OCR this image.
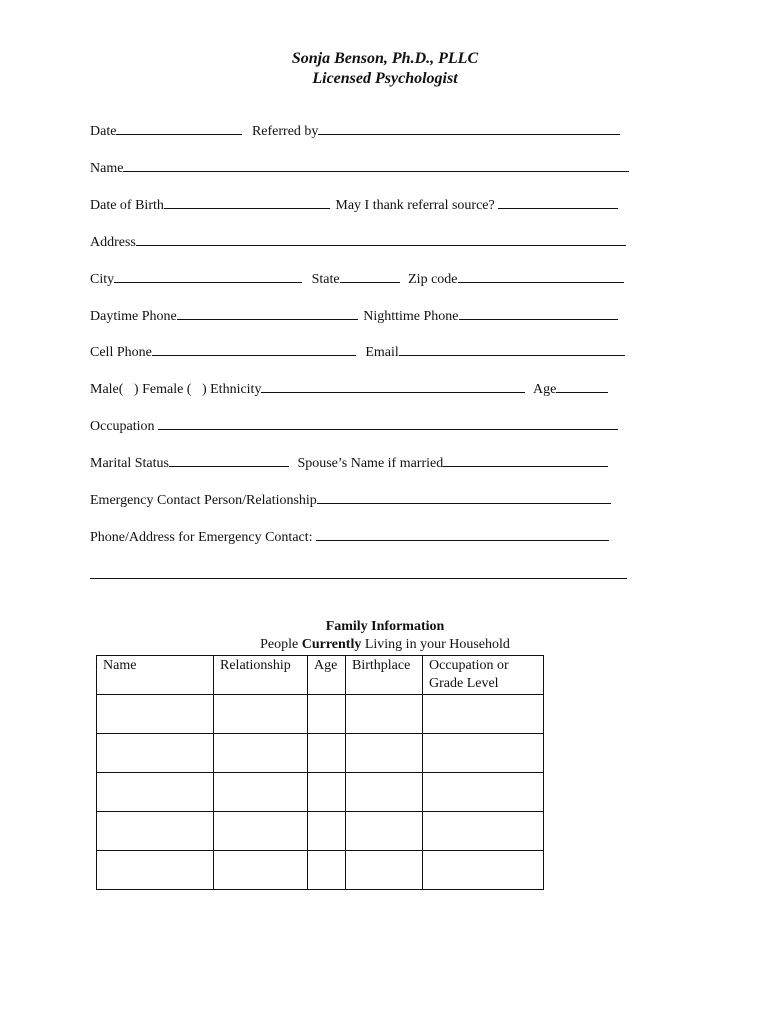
Sonja Benson, Ph.D., PLLC
Licensed Psychologist
Date	Referred by
Name
Date of Birth	May I thank referral source?
Address
City	State	Zip code
Daytime Phone	Nighttime Phone
Cell Phone	Email
Male(   ) Female (   ) Ethnicity	Age
Occupation
Marital Status	Spouse’s Name if married
Emergency Contact Person/Relationship
Phone/Address for Emergency Contact:
Family Information
People Currently Living in your Household
Name	Relationship	Age	Birthplace	Occupation or Grade Level
